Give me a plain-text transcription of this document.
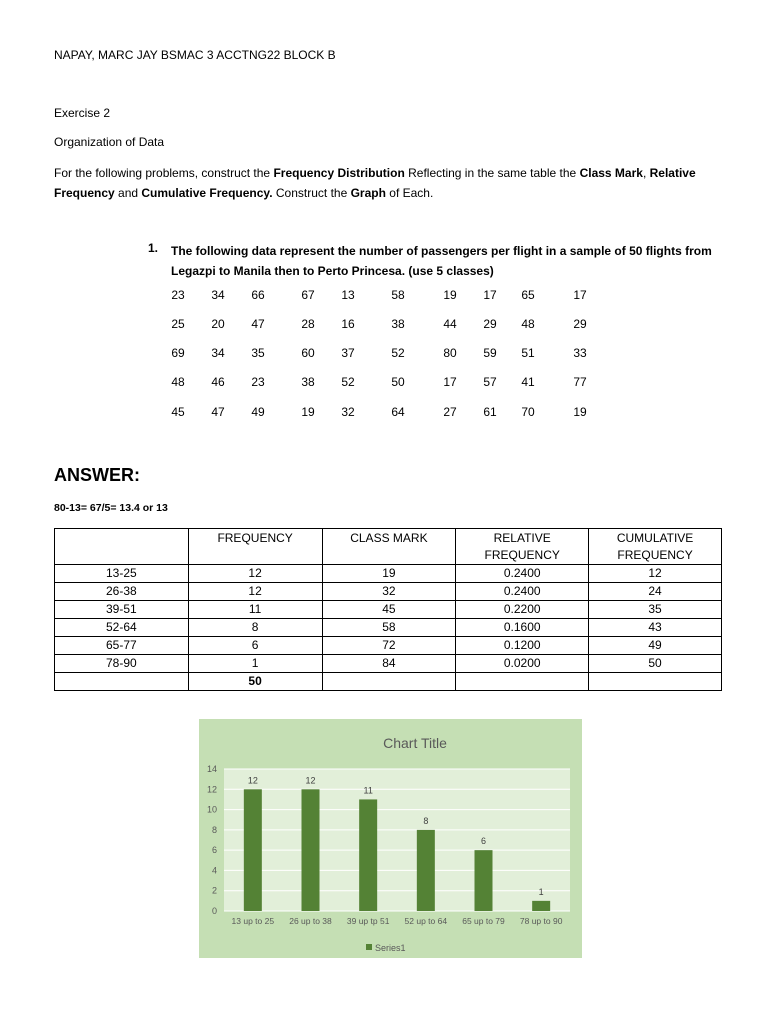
NAPAY, MARC JAY BSMAC 3 ACCTNG22 BLOCK B
Exercise 2
Organization of Data
For the following problems, construct the Frequency Distribution Reflecting in the same table the Class Mark, Relative Frequency and Cumulative Frequency. Construct the Graph of Each.
1. The following data represent the number of passengers per flight in a sample of 50 flights from Legazpi to Manila then to Perto Princesa. (use 5 classes)
23	34	66	67	13	58	19	17	65	17
25	20	47	28	16	38	44	29	48	29
69	34	35	60	37	52	80	59	51	33
48	46	23	38	52	50	17	57	41	77
45	47	49	19	32	64	27	61	70	19
ANSWER:
80-13= 67/5= 13.4 or 13
	FREQUENCY	CLASS MARK	RELATIVE FREQUENCY	CUMULATIVE FREQUENCY
13-25	12	19	0.2400	12
26-38	12	32	0.2400	24
39-51	11	45	0.2200	35
52-64	8	58	0.1600	43
65-77	6	72	0.1200	49
78-90	1	84	0.0200	50
	50			
Chart Title
0
2
4
6
8
10
12
14
12
13 up to 25
12
26 up to 38
11
39 up tp 51
8
52 up to 64
6
65 up to 79
1
78 up to 90
Series1
